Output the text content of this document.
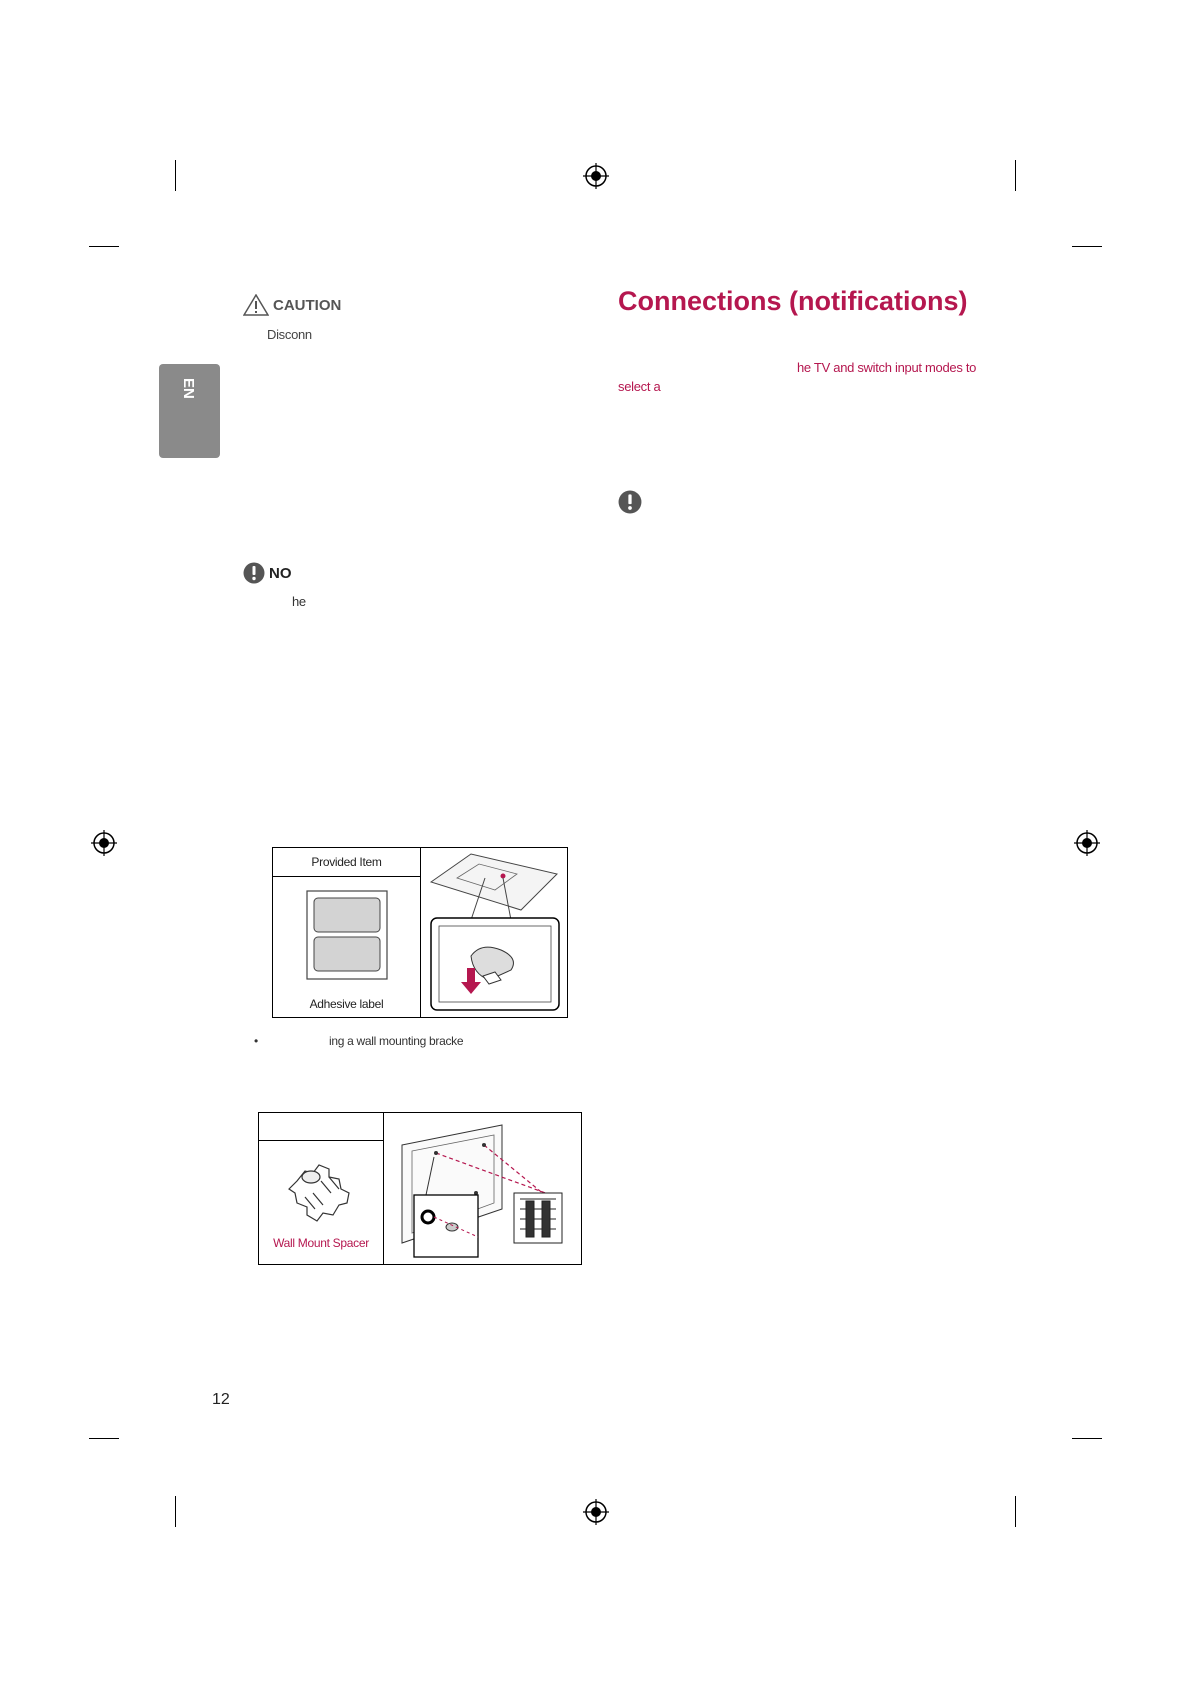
EN
CAUTION
Disconn
NO
he
Connections (notifications)
he TV and switch input modes to
select a
Provided Item
Adhesive label
•	ing a wall mounting bracke
Wall Mount Spacer
12
